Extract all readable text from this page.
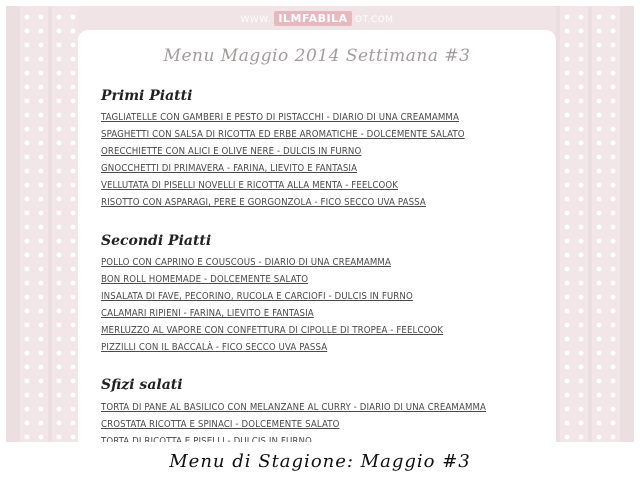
WWW. ILMFABILA OT.COM
Menu Maggio 2014 Settimana #3
Primi Piatti
TAGLIATELLE CON GAMBERI E PESTO DI PISTACCHI - DIARIO DI UNA CREAMAMMA
SPAGHETTI CON SALSA DI RICOTTA ED ERBE AROMATICHE - DOLCEMENTE SALATO
ORECCHIETTE CON ALICI E OLIVE NERE - DULCIS IN FURNO
GNOCCHETTI DI PRIMAVERA - FARINA, LIEVITO E FANTASIA
VELLUTATA DI PISELLI NOVELLI E RICOTTA ALLA MENTA - FEELCOOK
RISOTTO CON ASPARAGI, PERE E GORGONZOLA - FICO SECCO UVA PASSA
Secondi Piatti
POLLO CON CAPRINO E COUSCOUS - DIARIO DI UNA CREAMAMMA
BON ROLL HOMEMADE - DOLCEMENTE SALATO
INSALATA DI FAVE, PECORINO, RUCOLA E CARCIOFI - DULCIS IN FURNO
CALAMARI RIPIENI - FARINA, LIEVITO E FANTASIA
MERLUZZO AL VAPORE CON CONFETTURA DI CIPOLLE DI TROPEA - FEELCOOK
PIZZILLI CON IL BACCALÀ - FICO SECCO UVA PASSA
Sfizi salati
TORTA DI PANE AL BASILICO CON MELANZANE AL CURRY - DIARIO DI UNA CREAMAMMA
CROSTATA RICOTTA E SPINACI - DOLCEMENTE SALATO
Menu di Stagione: Maggio #3
